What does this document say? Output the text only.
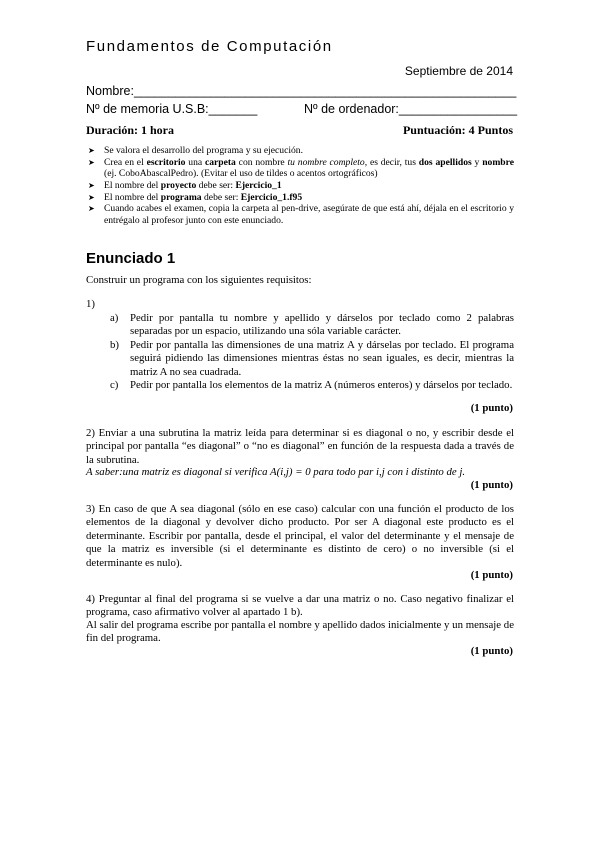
Fundamentos de Computación
Septiembre de 2014
Nombre:_______________________________________________________
Nº de memoria U.S.B:_______	Nº de ordenador:_________________
Duración: 1 hora	Puntuación: 4 Puntos
➤ Se valora el desarrollo del programa y su ejecución.
➤ Crea en el escritorio una carpeta con nombre tu nombre completo, es decir, tus dos apellidos y nombre (ej. CoboAbascalPedro). (Evitar el uso de tildes o acentos ortográficos)
➤ El nombre del proyecto debe ser: Ejercicio_1
➤ El nombre del programa debe ser: Ejercicio_1.f95
➤ Cuando acabes el examen, copia la carpeta al pen-drive, asegúrate de que está ahí, déjala en el escritorio y entrégalo al profesor junto con este enunciado.
Enunciado 1
Construir un programa con los siguientes requisitos:
1)
a) Pedir por pantalla tu nombre y apellido y dárselos por teclado como 2 palabras separadas por un espacio, utilizando una sóla variable carácter.
b) Pedir por pantalla las dimensiones de una matriz A y dárselas por teclado. El programa seguirá pidiendo las dimensiones mientras éstas no sean iguales, es decir, mientras la matriz A no sea cuadrada.
c) Pedir por pantalla los elementos de la matriz A (números enteros) y dárselos por teclado.
(1 punto)
2) Enviar a una subrutina la matriz leída para determinar si es diagonal o no, y escribir desde el principal por pantalla “es diagonal” o “no es diagonal” en función de la respuesta dada a través de la subrutina.
A saber:una matriz es diagonal si verifica A(i,j) = 0 para todo par i,j con i distinto de j.
(1 punto)
3) En caso de que A sea diagonal (sólo en ese caso) calcular con una función el producto de los elementos de la diagonal y devolver dicho producto. Por ser A diagonal este producto es el determinante. Escribir por pantalla, desde el principal, el valor del determinante y el mensaje de que la matriz es inversible (si el determinante es distinto de cero) o no inversible (si el determinante es nulo).
(1 punto)
4) Preguntar al final del programa si se vuelve a dar una matriz o no. Caso negativo finalizar el programa, caso afirmativo volver al apartado 1 b).
Al salir del programa escribe por pantalla el nombre y apellido dados inicialmente y un mensaje de fin del programa.
(1 punto)
